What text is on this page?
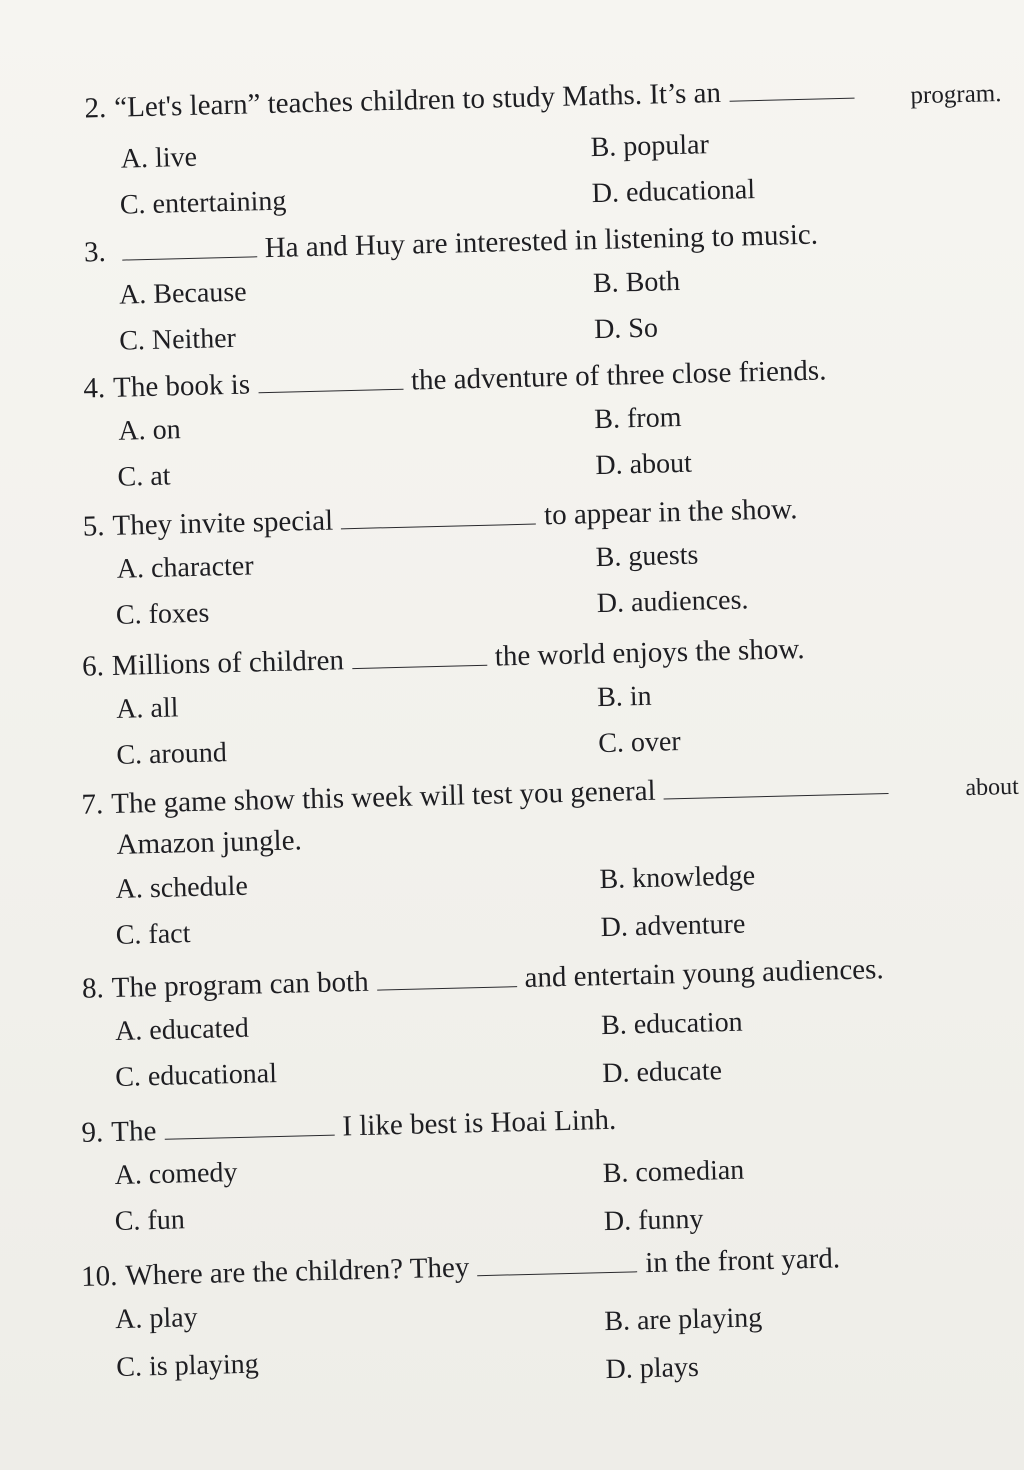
2. “Let's learn” teaches children to study Maths. It’s an	program.
A. live	B. popular
C. entertaining	D. educational
3.	Ha and Huy are interested in listening to music.
A. Because	B. Both
C. Neither	D. So
4. The book is	the adventure of three close friends.
A. on	B. from
C. at	D. about
5. They invite special	to appear in the show.
A. character	B. guests
C. foxes	D. audiences.
6. Millions of children	the world enjoys the show.
A. all	B. in
C. around	C. over
7. The game show this week will test you general	about
Amazon jungle.
A. schedule	B. knowledge
C. fact	D. adventure
8. The program can both	and entertain young audiences.
A. educated	B. education
C. educational	D. educate
9. The	I like best is Hoai Linh.
A. comedy	B. comedian
C. fun	D. funny
10. Where are the children? They	in the front yard.
A. play	B. are playing
C. is playing	D. plays
